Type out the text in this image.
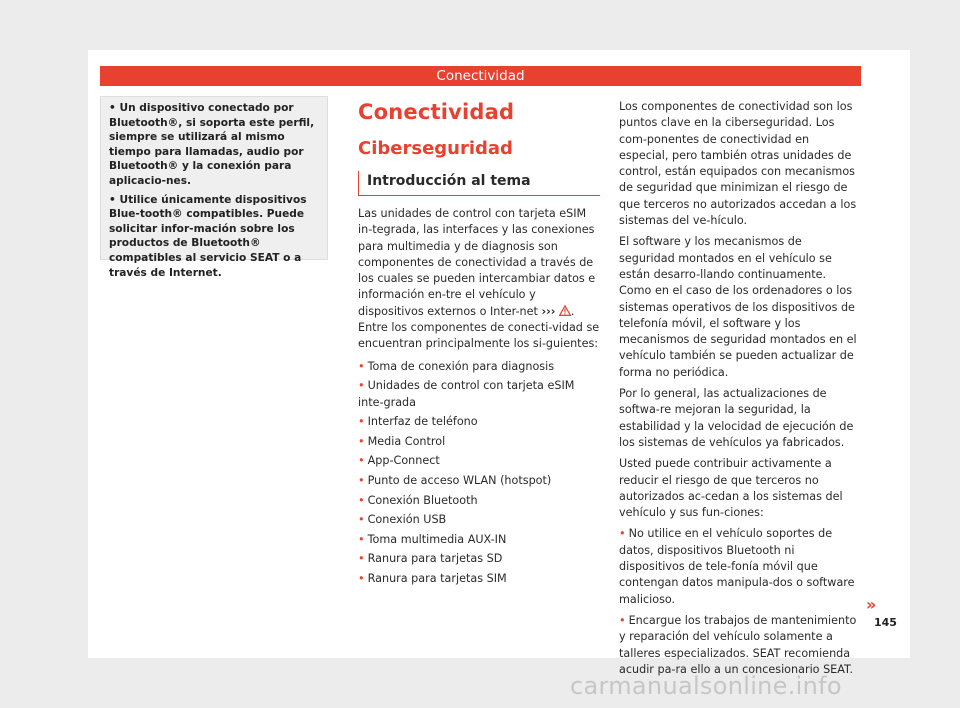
Conectividad

• Un dispositivo conectado por Bluetooth®, si soporta este perfil, siempre se utilizará al mismo tiempo para llamadas, audio por Bluetooth® y la conexión para aplicacio-nes.

• Utilice únicamente dispositivos Blue-tooth® compatibles. Puede solicitar infor-mación sobre los productos de Bluetooth® compatibles al servicio SEAT o a través de Internet.

Conectividad
Ciberseguridad
Introducción al tema

Las unidades de control con tarjeta eSIM in-tegrada, las interfaces y las conexiones para multimedia y de diagnosis son componentes de conectividad a través de los cuales se pueden intercambiar datos e información en-tre el vehículo y dispositivos externos o Inter-net ››› . Entre los componentes de conecti-vidad se encuentran principalmente los si-guientes:

• Toma de conexión para diagnosis
• Unidades de control con tarjeta eSIM inte-grada
• Interfaz de teléfono
• Media Control
• App-Connect
• Punto de acceso WLAN (hotspot)
• Conexión Bluetooth
• Conexión USB
• Toma multimedia AUX-IN
• Ranura para tarjetas SD
• Ranura para tarjetas SIM

Los componentes de conectividad son los puntos clave en la ciberseguridad. Los com-ponentes de conectividad en especial, pero también otras unidades de control, están equipados con mecanismos de seguridad que minimizan el riesgo de que terceros no autorizados accedan a los sistemas del ve-hículo.

El software y los mecanismos de seguridad montados en el vehículo se están desarro-llando continuamente. Como en el caso de los ordenadores o los sistemas operativos de los dispositivos de telefonía móvil, el software y los mecanismos de seguridad montados en el vehículo también se pueden actualizar de forma no periódica.

Por lo general, las actualizaciones de softwa-re mejoran la seguridad, la estabilidad y la velocidad de ejecución de los sistemas de vehículos ya fabricados.

Usted puede contribuir activamente a reducir el riesgo de que terceros no autorizados ac-cedan a los sistemas del vehículo y sus fun-ciones:

• No utilice en el vehículo soportes de datos, dispositivos Bluetooth ni dispositivos de tele-fonía móvil que contengan datos manipula-dos o software malicioso.

• Encargue los trabajos de mantenimiento y reparación del vehículo solamente a talleres especializados. SEAT recomienda acudir pa-ra ello a un concesionario SEAT.

»
145
carmanualsonline.info
